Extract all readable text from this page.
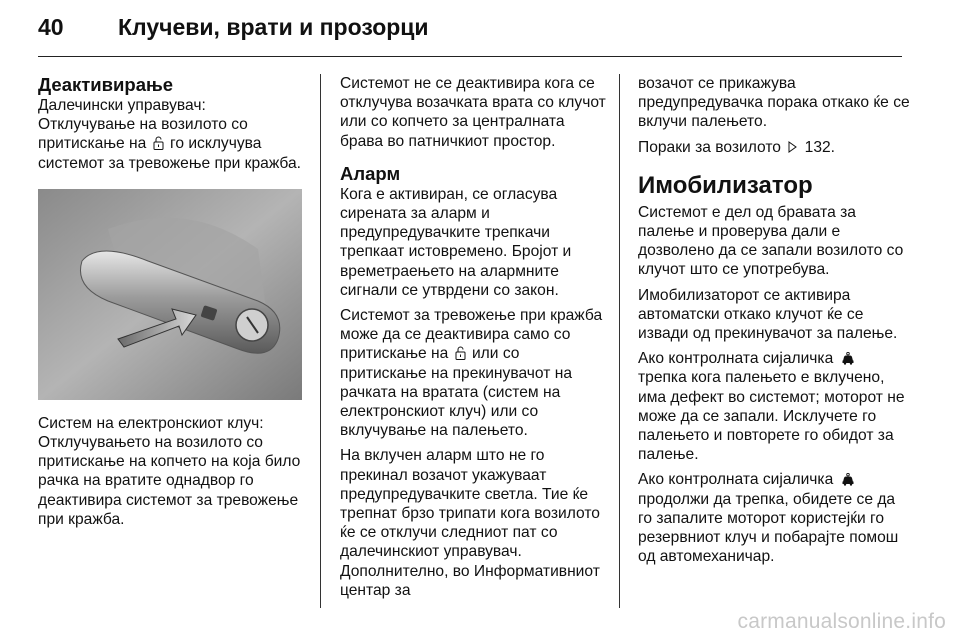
40	Клучеви, врати и прозорци
Деактивирање

Далечински управувач:
Отклучување на возилото со притискање на го исклучува системот за тревожење при кражба.

Систем на електронскиот клуч:
Отклучувањето на возилото со притискање на копчето на која било рачка на вратите однадвор го деактивира системот за тревожење при кражба.

Системот не се деактивира кога се отклучува возачката врата со клучот или со копчето за централната брава во патничкиот простор.

Аларм

Кога е активиран, се огласува сирената за аларм и предупредувачките трепкачи трепкаат истовремено. Бројот и времетраењето на алармните сигнали се утврдени со закон.

Системот за тревожење при кражба може да се деактивира само со притискање на или со притискање на прекинувачот на рачката на вратата (систем на електронскиот клуч) или со вклучување на палењето.

На вклучен аларм што не го прекинал возачот укажуваат предупредувачките светла. Тие ќе трепнат брзо трипати кога возилото ќе се отклучи следниот пат со далечинскиот управувач. Дополнително, во Информативниот центар за

возачот се прикажува предупредувачка порака откако ќе се вклучи палењето.

Пораки за возилото 132.

Имобилизатор

Системот е дел од бравата за палење и проверува дали е дозволено да се запали возилото со клучот што се употребува.

Имобилизаторот се активира автоматски откако клучот ќе се извади од прекинувачот за палење.

Ако контролната сијаличка  трепка кога палењето е вклучено, има дефект во системот; моторот не може да се запали. Исклучете го палењето и повторете го обидот за палење.

Ако контролната сијаличка  продолжи да трепка, обидете се да го запалите моторот користејќи го резервниот клуч и побарајте помош од автомеханичар.

carmanualsonline.info
